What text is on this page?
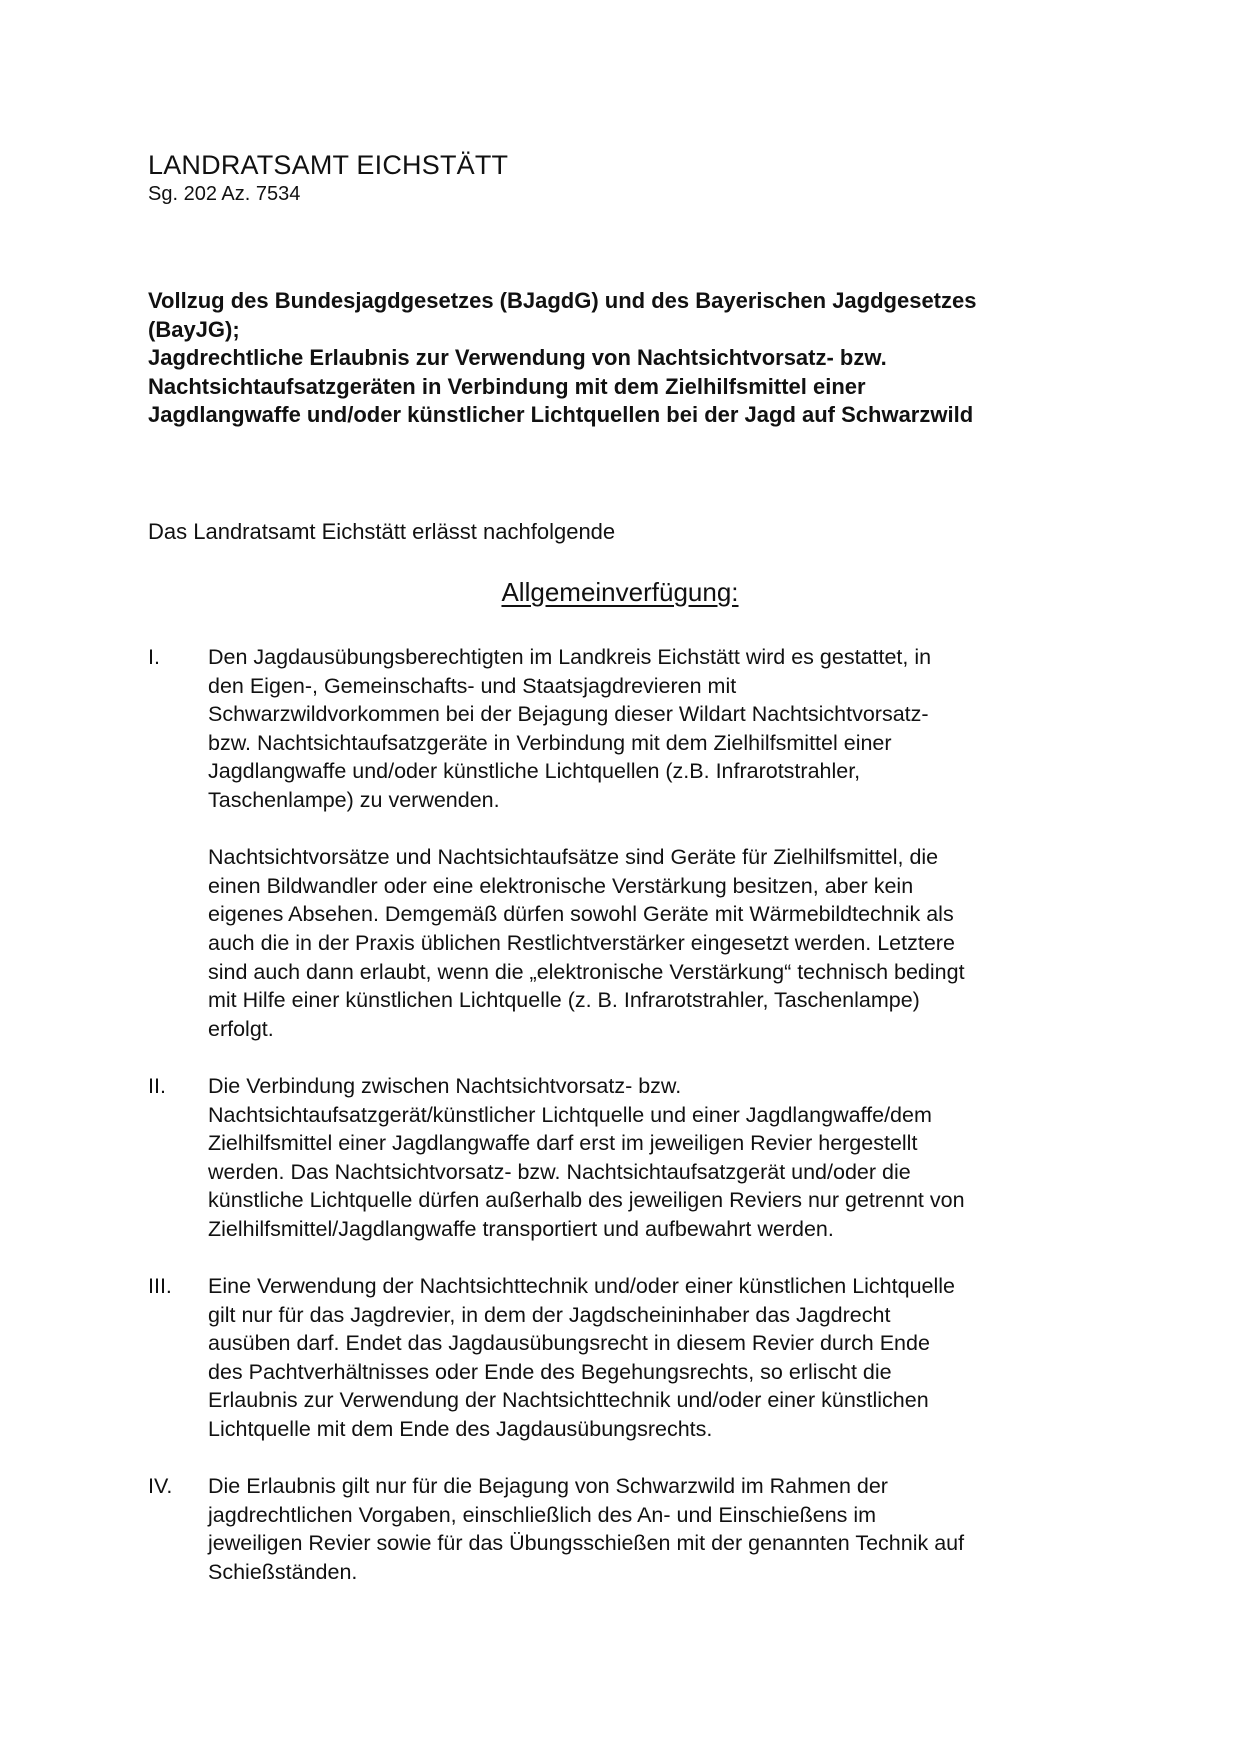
LANDRATSAMT EICHSTÄTT
Sg. 202 Az. 7534
Vollzug des Bundesjagdgesetzes (BJagdG) und des Bayerischen Jagdgesetzes
(BayJG);
Jagdrechtliche Erlaubnis zur Verwendung von Nachtsichtvorsatz- bzw.
Nachtsichtaufsatzgeräten in Verbindung mit dem Zielhilfsmittel einer
Jagdlangwaffe und/oder künstlicher Lichtquellen bei der Jagd auf Schwarzwild
Das Landratsamt Eichstätt erlässt nachfolgende
Allgemeinverfügung:
I. Den Jagdausübungsberechtigten im Landkreis Eichstätt wird es gestattet, in
den Eigen-, Gemeinschafts- und Staatsjagdrevieren mit
Schwarzwildvorkommen bei der Bejagung dieser Wildart Nachtsichtvorsatz-
bzw. Nachtsichtaufsatzgeräte in Verbindung mit dem Zielhilfsmittel einer
Jagdlangwaffe und/oder künstliche Lichtquellen (z.B. Infrarotstrahler,
Taschenlampe) zu verwenden.
Nachtsichtvorsätze und Nachtsichtaufsätze sind Geräte für Zielhilfsmittel, die
einen Bildwandler oder eine elektronische Verstärkung besitzen, aber kein
eigenes Absehen. Demgemäß dürfen sowohl Geräte mit Wärmebildtechnik als
auch die in der Praxis üblichen Restlichtverstärker eingesetzt werden. Letztere
sind auch dann erlaubt, wenn die „elektronische Verstärkung“ technisch bedingt
mit Hilfe einer künstlichen Lichtquelle (z. B. Infrarotstrahler, Taschenlampe)
erfolgt.
II. Die Verbindung zwischen Nachtsichtvorsatz- bzw.
Nachtsichtaufsatzgerät/künstlicher Lichtquelle und einer Jagdlangwaffe/dem
Zielhilfsmittel einer Jagdlangwaffe darf erst im jeweiligen Revier hergestellt
werden. Das Nachtsichtvorsatz- bzw. Nachtsichtaufsatzgerät und/oder die
künstliche Lichtquelle dürfen außerhalb des jeweiligen Reviers nur getrennt von
Zielhilfsmittel/Jagdlangwaffe transportiert und aufbewahrt werden.
III. Eine Verwendung der Nachtsichttechnik und/oder einer künstlichen Lichtquelle
gilt nur für das Jagdrevier, in dem der Jagdscheininhaber das Jagdrecht
ausüben darf. Endet das Jagdausübungsrecht in diesem Revier durch Ende
des Pachtverhältnisses oder Ende des Begehungsrechts, so erlischt die
Erlaubnis zur Verwendung der Nachtsichttechnik und/oder einer künstlichen
Lichtquelle mit dem Ende des Jagdausübungsrechts.
IV. Die Erlaubnis gilt nur für die Bejagung von Schwarzwild im Rahmen der
jagdrechtlichen Vorgaben, einschließlich des An- und Einschießens im
jeweiligen Revier sowie für das Übungsschießen mit der genannten Technik auf
Schießständen.
